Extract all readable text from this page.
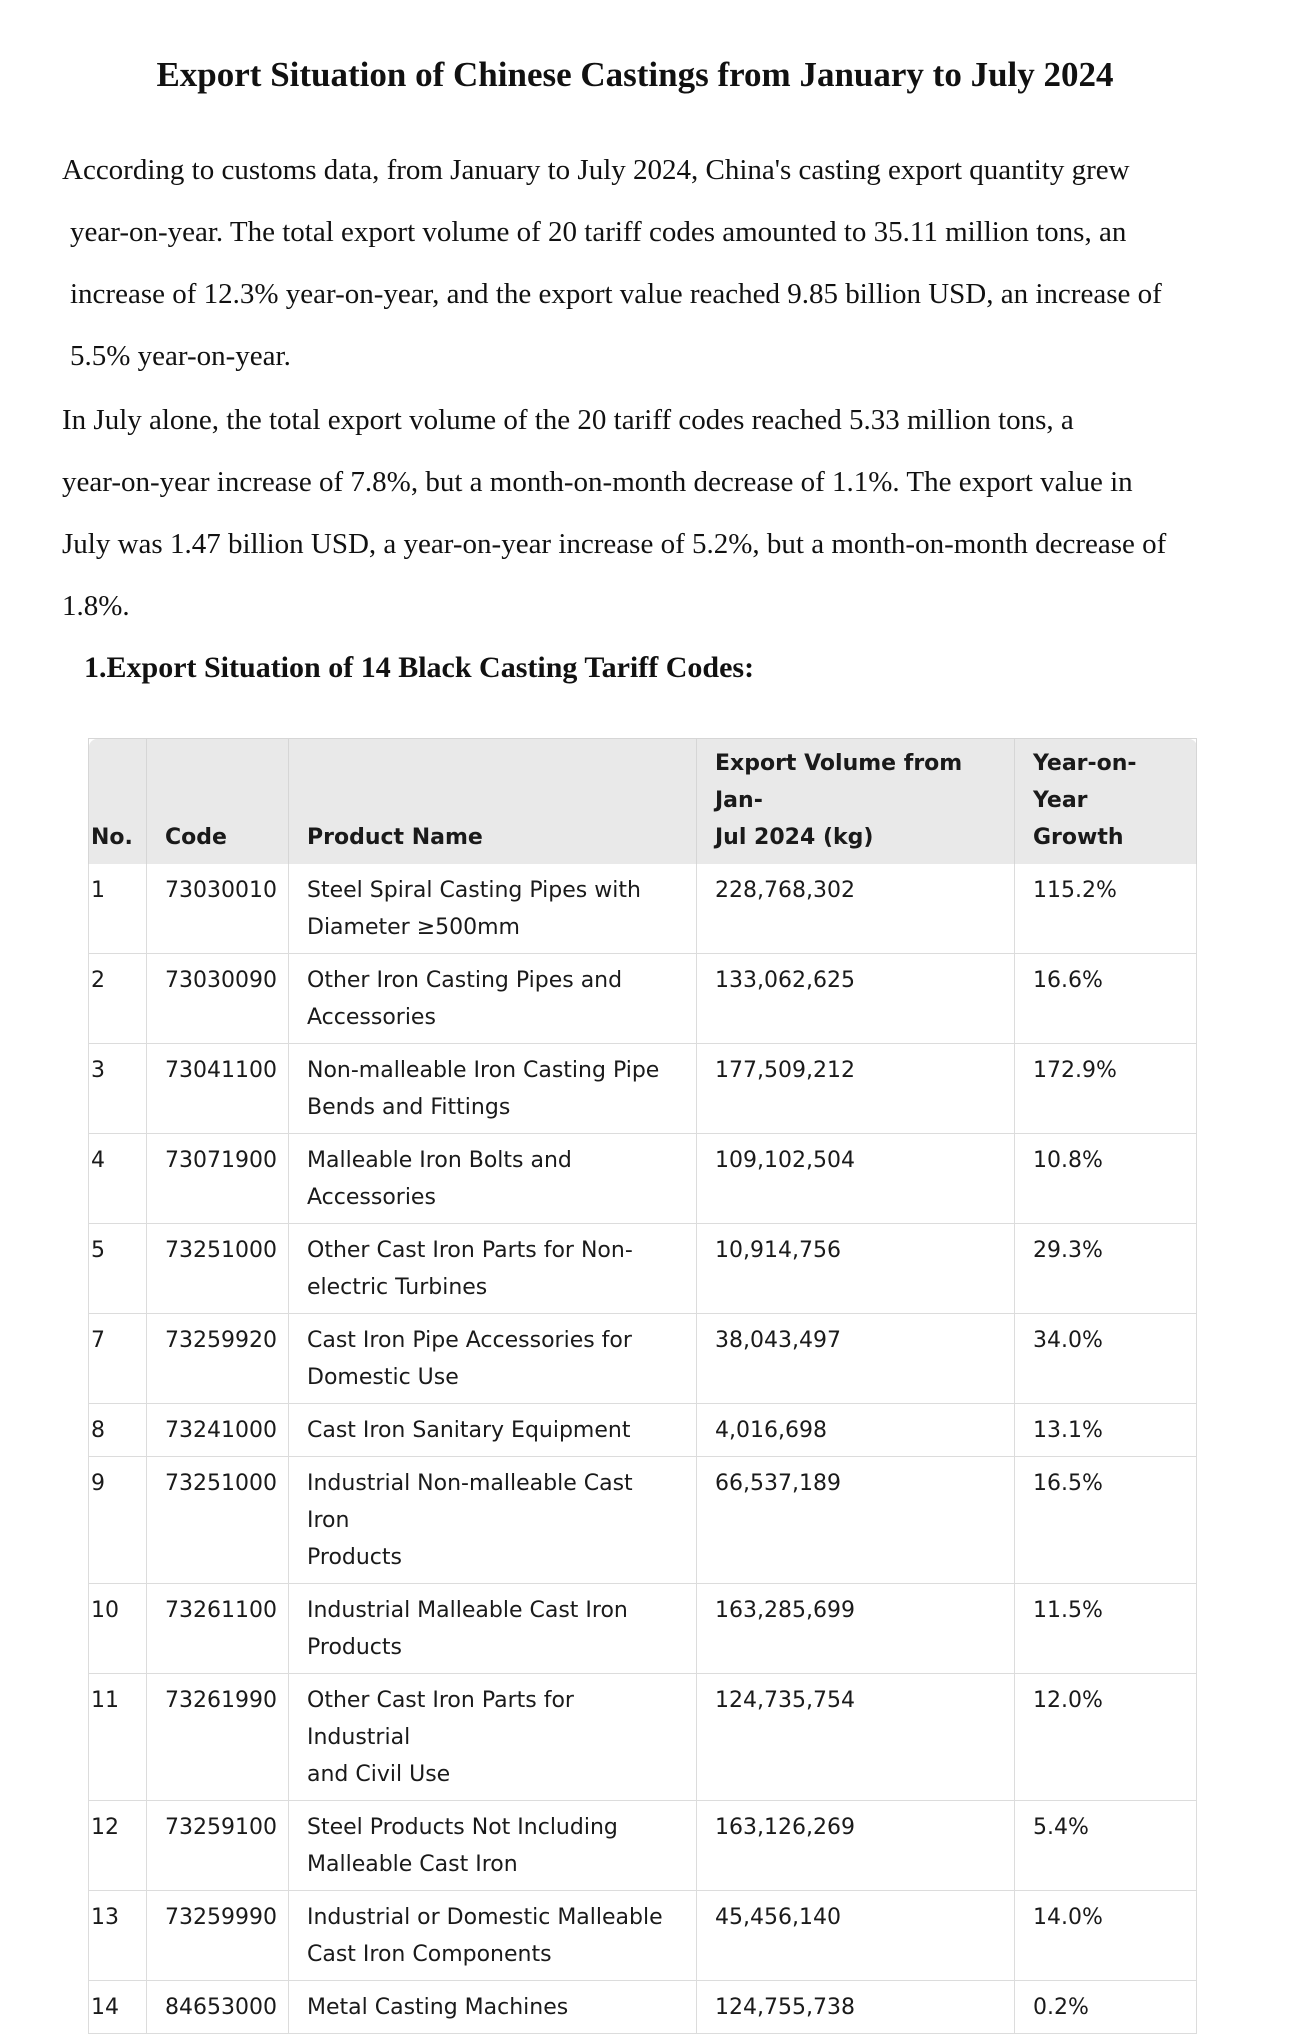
Export Situation of Chinese Castings from January to July 2024

According to customs data, from January to July 2024, China's casting export quantity grew
year-on-year. The total export volume of 20 tariff codes amounted to 35.11 million tons, an
increase of 12.3% year-on-year, and the export value reached 9.85 billion USD, an increase of
5.5% year-on-year.

In July alone, the total export volume of the 20 tariff codes reached 5.33 million tons, a
year-on-year increase of 7.8%, but a month-on-month decrease of 1.1%. The export value in
July was 1.47 billion USD, a year-on-year increase of 5.2%, but a month-on-month decrease of
1.8%.

1.Export Situation of 14 Black Casting Tariff Codes:
No.	Code	Product Name	Export Volume from Jan-
Jul 2024 (kg)	Year-on-Year
Growth
1	73030010	Steel Spiral Casting Pipes with
Diameter ≥500mm	228,768,302	115.2%
2	73030090	Other Iron Casting Pipes and
Accessories	133,062,625	16.6%
3	73041100	Non-malleable Iron Casting Pipe
Bends and Fittings	177,509,212	172.9%
4	73071900	Malleable Iron Bolts and
Accessories	109,102,504	10.8%
5	73251000	Other Cast Iron Parts for Non-
electric Turbines	10,914,756	29.3%
7	73259920	Cast Iron Pipe Accessories for
Domestic Use	38,043,497	34.0%
8	73241000	Cast Iron Sanitary Equipment	4,016,698	13.1%
9	73251000	Industrial Non-malleable Cast Iron
Products	66,537,189	16.5%
10	73261100	Industrial Malleable Cast Iron
Products	163,285,699	11.5%
11	73261990	Other Cast Iron Parts for Industrial
and Civil Use	124,735,754	12.0%
12	73259100	Steel Products Not Including
Malleable Cast Iron	163,126,269	5.4%
13	73259990	Industrial or Domestic Malleable
Cast Iron Components	45,456,140	14.0%
14	84653000	Metal Casting Machines	124,755,738	0.2%
